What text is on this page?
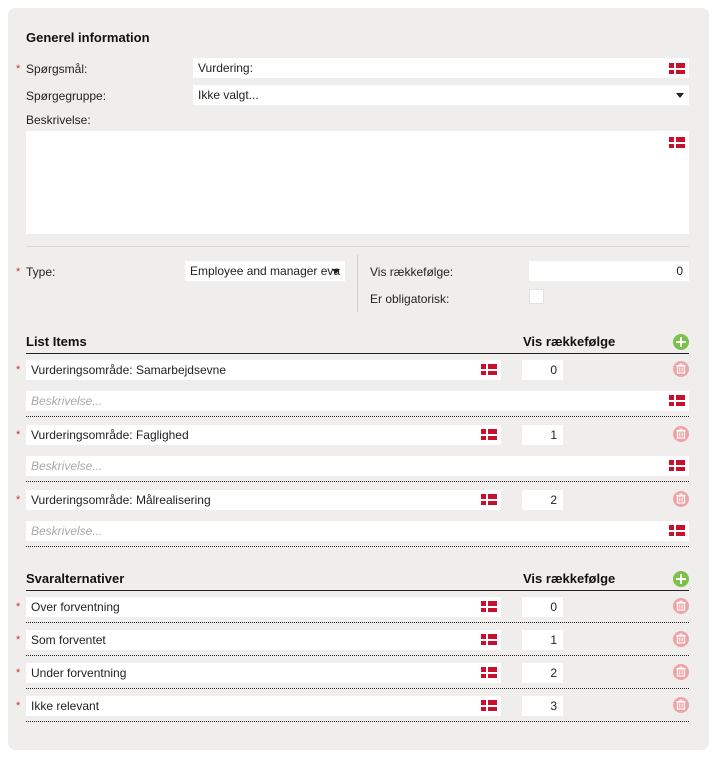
Generel information
* Spørgsmål:	Vurdering:
Spørgegruppe:	Ikke valgt...
Beskrivelse:
* Type:	Employee and manager eva	Vis rækkefølge:	0
Er obligatorisk:
List Items	Vis rækkefølge
* Vurderingsområde: Samarbejdsevne	0
Beskrivelse...
* Vurderingsområde: Faglighed	1
Beskrivelse...
* Vurderingsområde: Målrealisering	2
Beskrivelse...
Svaralternativer	Vis rækkefølge
* Over forventning	0
* Som forventet	1
* Under forventning	2
* Ikke relevant	3
